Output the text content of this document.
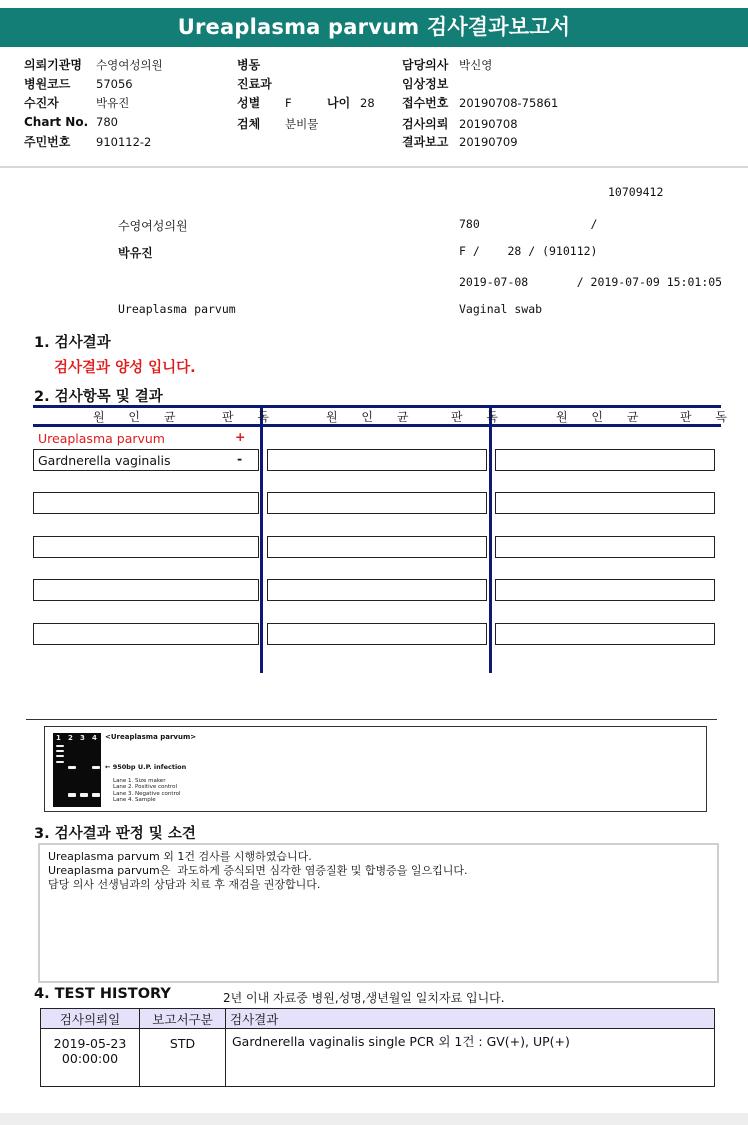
Ureaplasma parvum 검사결과보고서
의뢰기관명 수영여성의원
병원코드 57056
수진자	박유진
Chart No. 780
주민번호 910112-2
병동
진료과
성별 F	나이 28
검체 분비물
담당의사 박신영
임상정보
접수번호 20190708-75861
검사의뢰 20190708
결과보고 20190709
10709412
수영여성의원	780                /
박유진	F /    28 / (910112)
2019-07-08       / 2019-07-09 15:01:05
Ureaplasma parvum	Vaginal swab
1. 검사결과
검사결과 양성 입니다.
2. 검사항목 및 결과
원 인 균	판 독	원 인 균	판 독	원 인 균	판 독
Ureaplasma parvum	+
Gardnerella vaginalis	-
1 2 3 4 <Ureaplasma parvum>
← 950bp U.P. infection
Lane 1. Size maker
Lane 2. Positive control
Lane 3. Negative control
Lane 4. Sample
3. 검사결과 판정 및 소견
Ureaplasma parvum 외 1건 검사를 시행하였습니다.
Ureaplasma parvum은  과도하게 증식되면 심각한 염증질환 및 합병증을 일으킵니다.
담당 의사 선생님과의 상담과 치료 후 재검을 권장합니다.
4. TEST HISTORY	2년 이내 자료중 병원,성명,생년월일 일치자료 입니다.
검사의뢰일	보고서구분	검사결과

2019-05-23
00:00:00	STD	Gardnerella vaginalis single PCR 외 1건 : GV(+), UP(+)
